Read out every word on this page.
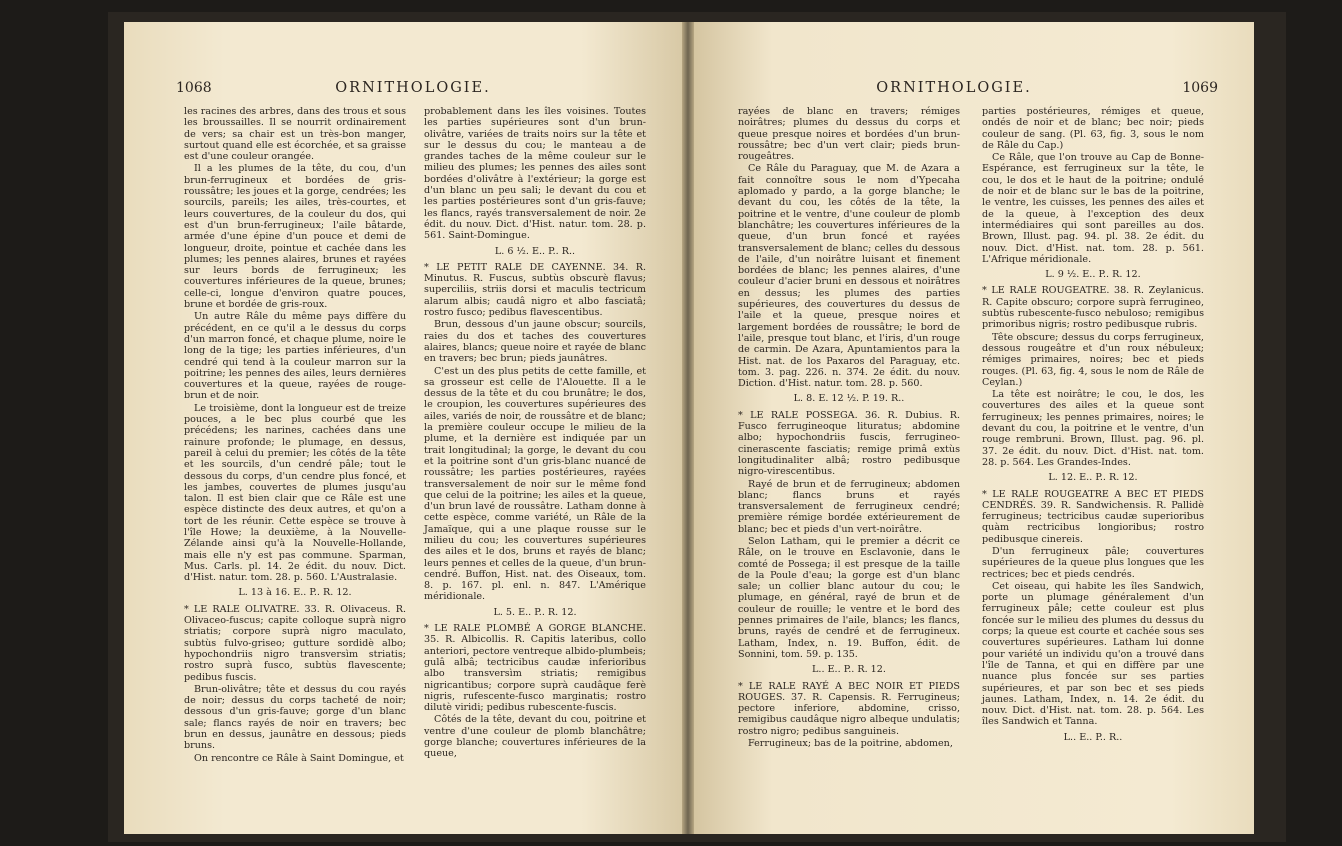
1068	ORNITHOLOGIE.

les racines des arbres, dans des trous et sous les broussailles. Il se nourrit ordinairement de vers; sa chair est un très-bon manger, surtout quand elle est écorchée, et sa graisse est d'une couleur orangée.

Il a les plumes de la tête, du cou, d'un brun-ferrugineux et bordées de gris-roussâtre; les joues et la gorge, cendrées; les sourcils, pareils; les ailes, très-courtes, et leurs couvertures, de la couleur du dos, qui est d'un brun-ferrugineux; l'aile bâtarde, armée d'une épine d'un pouce et demi de longueur, droite, pointue et cachée dans les plumes; les pennes alaires, brunes et rayées sur leurs bords de ferrugineux; les couvertures inférieures de la queue, brunes; celle-ci, longue d'environ quatre pouces, brune et bordée de gris-roux.

Un autre Râle du même pays diffère du précédent, en ce qu'il a le dessus du corps d'un marron foncé, et chaque plume, noire le long de la tige; les parties inférieures, d'un cendré qui tend à la couleur marron sur la poitrine; les pennes des ailes, leurs dernières couvertures et la queue, rayées de rouge-brun et de noir.

Le troisième, dont la longueur est de treize pouces, a le bec plus courbé que les précédens; les narines, cachées dans une rainure profonde; le plumage, en dessus, pareil à celui du premier; les côtés de la tête et les sourcils, d'un cendré pâle; tout le dessous du corps, d'un cendre plus foncé, et les jambes, couvertes de plumes jusqu'au talon. Il est bien clair que ce Râle est une espèce distincte des deux autres, et qu'on a tort de les réunir. Cette espèce se trouve à l'île Howe; la deuxième, à la Nouvelle-Zélande ainsi qu'à la Nouvelle-Hollande, mais elle n'y est pas commune. Sparman, Mus. Carls. pl. 14. 2e édit. du nouv. Dict. d'Hist. natur. tom. 28. p. 560. L'Australasie.

L. 13 à 16. E.. P.. R. 12.

* LE RALE OLIVATRE. 33. R. Olivaceus. R. Olivaceo-fuscus; capite colloque suprà nigro striatis; corpore suprà nigro maculato, subtùs fulvo-griseo; gutture sordidè albo; hypochondriis nigro transversìm striatis; rostro suprà fusco, subtùs flavescente; pedibus fuscis.

Brun-olivâtre; tête et dessus du cou rayés de noir; dessus du corps tacheté de noir; dessous d'un gris-fauve; gorge d'un blanc sale; flancs rayés de noir en travers; bec brun en dessus, jaunâtre en dessous; pieds bruns.

On rencontre ce Râle à Saint Domingue, et

probablement dans les îles voisines. Toutes les parties supérieures sont d'un brun-olivâtre, variées de traits noirs sur la tête et sur le dessus du cou; le manteau a de grandes taches de la même couleur sur le milieu des plumes; les pennes des ailes sont bordées d'olivâtre à l'extérieur; la gorge est d'un blanc un peu sali; le devant du cou et les parties postérieures sont d'un gris-fauve; les flancs, rayés transversalement de noir. 2e édit. du nouv. Dict. d'Hist. natur. tom. 28. p. 561. Saint-Domingue.

L. 6 ½. E.. P.. R..

* LE PETIT RALE DE CAYENNE. 34. R. Minutus. R. Fuscus, subtùs obscurè flavus; superciliis, striis dorsi et maculis tectricum alarum albis; caudâ nigro et albo fasciatâ; rostro fusco; pedibus flavescentibus.

Brun, dessous d'un jaune obscur; sourcils, raies du dos et taches des couvertures alaires, blancs; queue noire et rayée de blanc en travers; bec brun; pieds jaunâtres.

C'est un des plus petits de cette famille, et sa grosseur est celle de l'Alouette. Il a le dessus de la tête et du cou brunâtre; le dos, le croupion, les couvertures supérieures des ailes, variés de noir, de roussâtre et de blanc; la première couleur occupe le milieu de la plume, et la dernière est indiquée par un trait longitudinal; la gorge, le devant du cou et la poitrine sont d'un gris-blanc nuancé de roussâtre; les parties postérieures, rayées transversalement de noir sur le même fond que celui de la poitrine; les ailes et la queue, d'un brun lavé de roussâtre. Latham donne à cette espèce, comme variété, un Râle de la Jamaïque, qui a une plaque rousse sur le milieu du cou; les couvertures supérieures des ailes et le dos, bruns et rayés de blanc; leurs pennes et celles de la queue, d'un brun-cendré. Buffon, Hist. nat. des Oiseaux, tom. 8. p. 167. pl. enl. n. 847. L'Amérique méridionale.

L. 5. E.. P.. R. 12.

* LE RALE PLOMBÉ A GORGE BLANCHE. 35. R. Albicollis. R. Capitis lateribus, collo anteriori, pectore ventreque albido-plumbeis; gulâ albâ; tectricibus caudæ inferioribus albo transversìm striatis; remigibus nigricantibus; corpore suprà caudâque ferè nigris, rufescente-fusco marginatis; rostro dilutè viridi; pedibus rubescente-fuscis.

Côtés de la tête, devant du cou, poitrine et ventre d'une couleur de plomb blanchâtre; gorge blanche; couvertures inférieures de la queue,

ORNITHOLOGIE.	1069

rayées de blanc en travers; rémiges noirâtres; plumes du dessus du corps et queue presque noires et bordées d'un brun-roussâtre; bec d'un vert clair; pieds brun-rougeâtres.

Ce Râle du Paraguay, que M. de Azara a fait connoître sous le nom d'Ypecaha aplomado y pardo, a la gorge blanche; le devant du cou, les côtés de la tête, la poitrine et le ventre, d'une couleur de plomb blanchâtre; les couvertures inférieures de la queue, d'un brun foncé et rayées transversalement de blanc; celles du dessous de l'aile, d'un noirâtre luisant et finement bordées de blanc; les pennes alaires, d'une couleur d'acier bruni en dessous et noirâtres en dessus; les plumes des parties supérieures, des couvertures du dessus de l'aile et la queue, presque noires et largement bordées de roussâtre; le bord de l'aile, presque tout blanc, et l'iris, d'un rouge de carmin. De Azara, Apuntamientos para la Hist. nat. de los Paxaros del Paraguay, etc. tom. 3. pag. 226. n. 374. 2e édit. du nouv. Diction. d'Hist. natur. tom. 28. p. 560.

L. 8. E. 12 ½. P. 19. R..

* LE RALE POSSEGA. 36. R. Dubius. R. Fusco ferrugineoque lituratus; abdomine albo; hypochondriis fuscis, ferrugineo-cinerascente fasciatis; remige primâ extùs longitudinaliter albâ; rostro pedibusque nigro-virescentibus.

Rayé de brun et de ferrugineux; abdomen blanc; flancs bruns et rayés transversalement de ferrugineux cendré; première rémige bordée extérieurement de blanc; bec et pieds d'un vert-noirâtre.

Selon Latham, qui le premier a décrit ce Râle, on le trouve en Esclavonie, dans le comté de Possega; il est presque de la taille de la Poule d'eau; la gorge est d'un blanc sale; un collier blanc autour du cou; le plumage, en général, rayé de brun et de couleur de rouille; le ventre et le bord des pennes primaires de l'aile, blancs; les flancs, bruns, rayés de cendré et de ferrugineux. Latham, Index, n. 19. Buffon, édit. de Sonnini, tom. 59. p. 135.

L.. E.. P.. R. 12.

* LE RALE RAYÉ A BEC NOIR ET PIEDS ROUGES. 37. R. Capensis. R. Ferrugineus; pectore inferiore, abdomine, crisso, remigibus caudâque nigro albeque undulatis; rostro nigro; pedibus sanguineis.

Ferrugineux; bas de la poitrine, abdomen,

parties postérieures, rémiges et queue, ondés de noir et de blanc; bec noir; pieds couleur de sang. (Pl. 63, fig. 3, sous le nom de Râle du Cap.)

Ce Râle, que l'on trouve au Cap de Bonne-Espérance, est ferrugineux sur la tête, le cou, le dos et le haut de la poitrine; ondulé de noir et de blanc sur le bas de la poitrine, le ventre, les cuisses, les pennes des ailes et de la queue, à l'exception des deux intermédiaires qui sont pareilles au dos. Brown, Illust. pag. 94. pl. 38. 2e édit. du nouv. Dict. d'Hist. nat. tom. 28. p. 561. L'Afrique méridionale.

L. 9 ½. E.. P.. R. 12.

* LE RALE ROUGEATRE. 38. R. Zeylanicus. R. Capite obscuro; corpore suprà ferrugineo, subtùs rubescente-fusco nebuloso; remigibus primoribus nigris; rostro pedibusque rubris.

Tête obscure; dessus du corps ferrugineux, dessous rougeâtre et d'un roux nébuleux; rémiges primaires, noires; bec et pieds rouges. (Pl. 63, fig. 4, sous le nom de Râle de Ceylan.)

La tête est noirâtre; le cou, le dos, les couvertures des ailes et la queue sont ferrugineux; les pennes primaires, noires; le devant du cou, la poitrine et le ventre, d'un rouge rembruni. Brown, Illust. pag. 96. pl. 37. 2e édit. du nouv. Dict. d'Hist. nat. tom. 28. p. 564. Les Grandes-Indes.

L. 12. E.. P.. R. 12.

* LE RALE ROUGEATRE A BEC ET PIEDS CENDRÉS. 39. R. Sandwichensis. R. Pallidè ferrugineus; tectricibus caudæ superioribus quàm rectricibus longioribus; rostro pedibusque cinereis.

D'un ferrugineux pâle; couvertures supérieures de la queue plus longues que les rectrices; bec et pieds cendrés.

Cet oiseau, qui habite les îles Sandwich, porte un plumage généralement d'un ferrugineux pâle; cette couleur est plus foncée sur le milieu des plumes du dessus du corps; la queue est courte et cachée sous ses couvertures supérieures. Latham lui donne pour variété un individu qu'on a trouvé dans l'île de Tanna, et qui en diffère par une nuance plus foncée sur ses parties supérieures, et par son bec et ses pieds jaunes. Latham, Index, n. 14. 2e édit. du nouv. Dict. d'Hist. nat. tom. 28. p. 564. Les îles Sandwich et Tanna.

L.. E.. P.. R..
